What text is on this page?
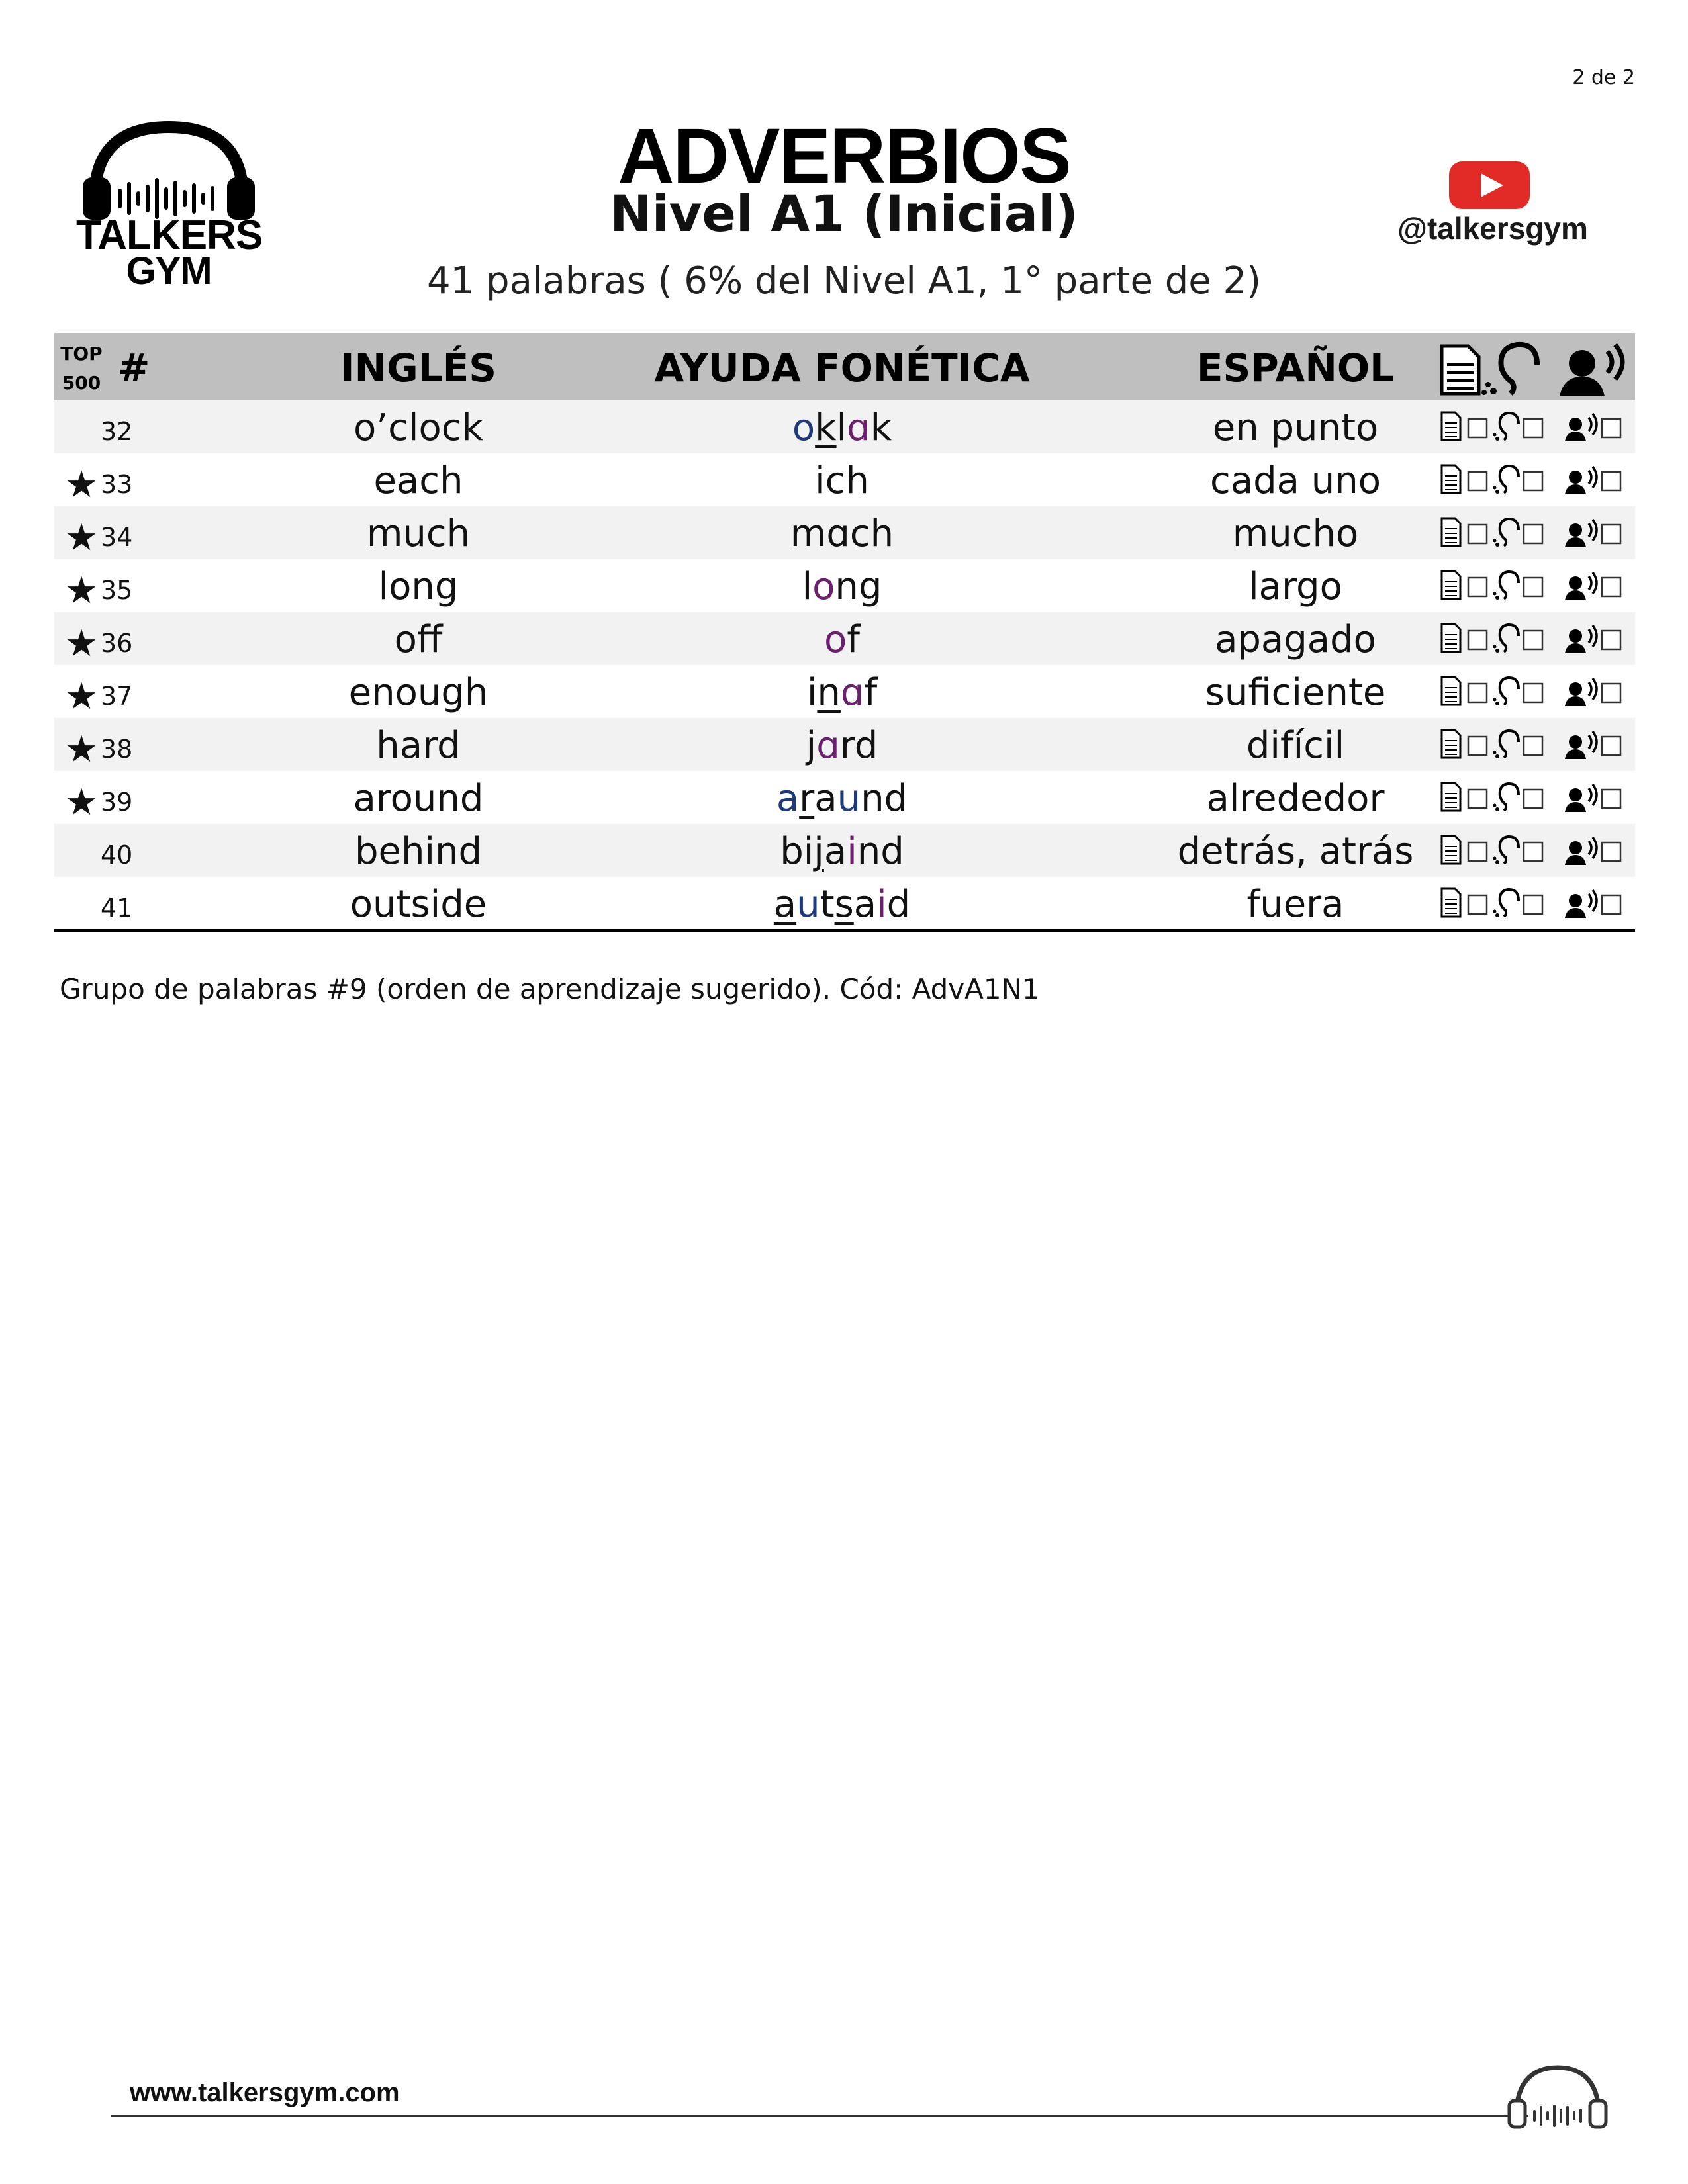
2 de 2
TALKERS
GYM
ADVERBIOS
Nivel A1 (Inicial)
41 palabras ( 6% del Nivel A1, 1° parte de 2)
@talkersgym
TOP
500 #	INGLÉS	AYUDA FONÉTICA	ESPAÑOL
32	o’clock	oklɑk	en punto
★ 33	each	ich	cada uno
★ 34	much	mɑch	mucho
★ 35	long	long	largo
★ 36	off	of	apagado
★ 37	enough	inɑf	suficiente
★ 38	hard	jɑrd	difícil
★ 39	around	araund	alrededor
40	behind	bijaind	detrás, atrás
41	outside	autsaid	fuera
Grupo de palabras #9 (orden de aprendizaje sugerido). Cód: AdvA1N1
www.talkersgym.com
